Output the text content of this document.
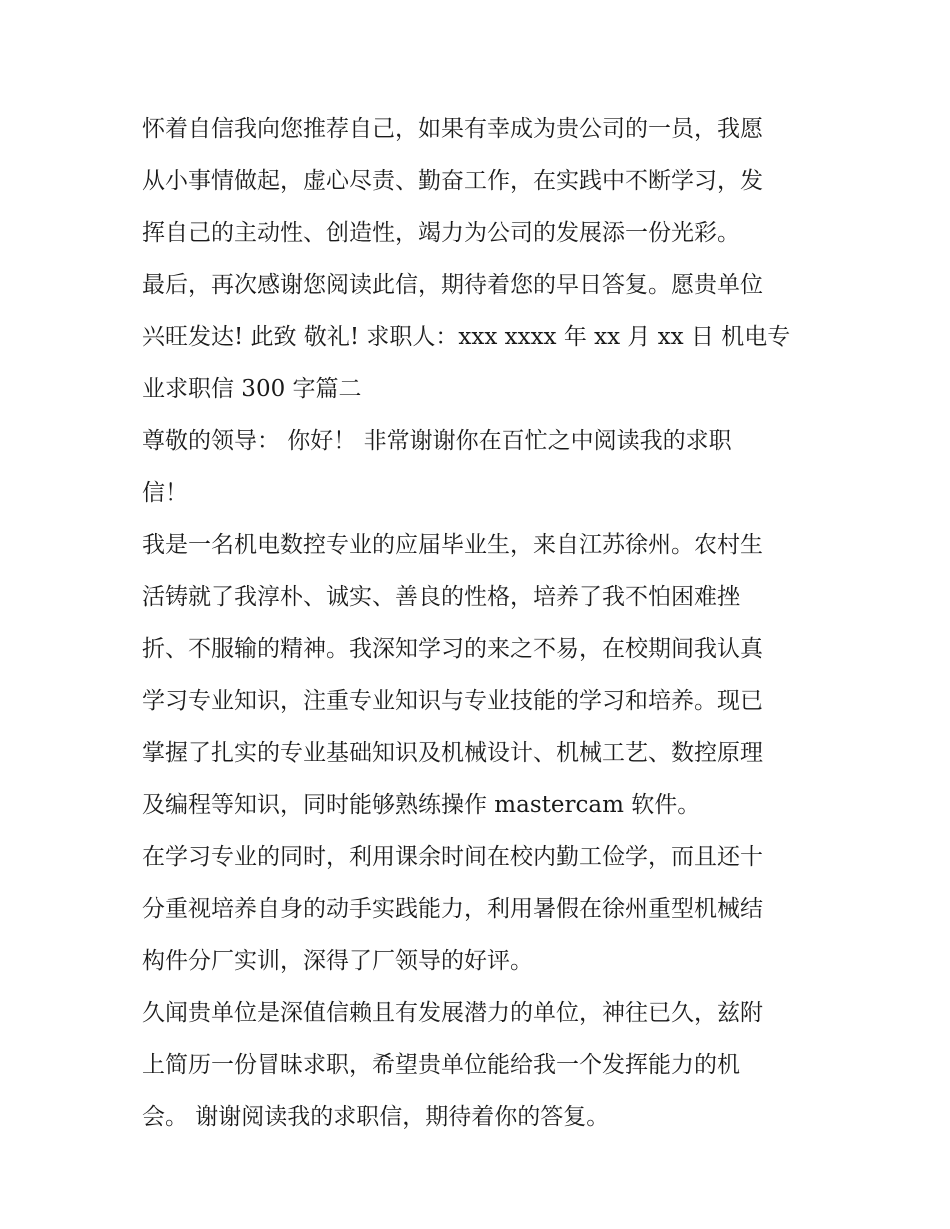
怀着自信我向您推荐自己，如果有幸成为贵公司的一员，我愿
从小事情做起，虚心尽责、勤奋工作，在实践中不断学习，发
挥自己的主动性、创造性，竭力为公司的发展添一份光彩。
最后，再次感谢您阅读此信，期待着您的早日答复。愿贵单位
兴旺发达! 此致 敬礼! 求职人：xxx xxxx 年 xx 月 xx 日 机电专
业求职信 300 字篇二
尊敬的领导： 你好！ 非常谢谢你在百忙之中阅读我的求职
信！
我是一名机电数控专业的应届毕业生，来自江苏徐州。农村生
活铸就了我淳朴、诚实、善良的性格，培养了我不怕困难挫
折、不服输的精神。我深知学习的来之不易，在校期间我认真
学习专业知识，注重专业知识与专业技能的学习和培养。现已
掌握了扎实的专业基础知识及机械设计、机械工艺、数控原理
及编程等知识，同时能够熟练操作 mastercam 软件。
在学习专业的同时，利用课余时间在校内勤工俭学，而且还十
分重视培养自身的动手实践能力，利用暑假在徐州重型机械结
构件分厂实训，深得了厂领导的好评。
久闻贵单位是深值信赖且有发展潜力的单位，神往已久，兹附
上简历一份冒昧求职，希望贵单位能给我一个发挥能力的机
会。 谢谢阅读我的求职信，期待着你的答复。
